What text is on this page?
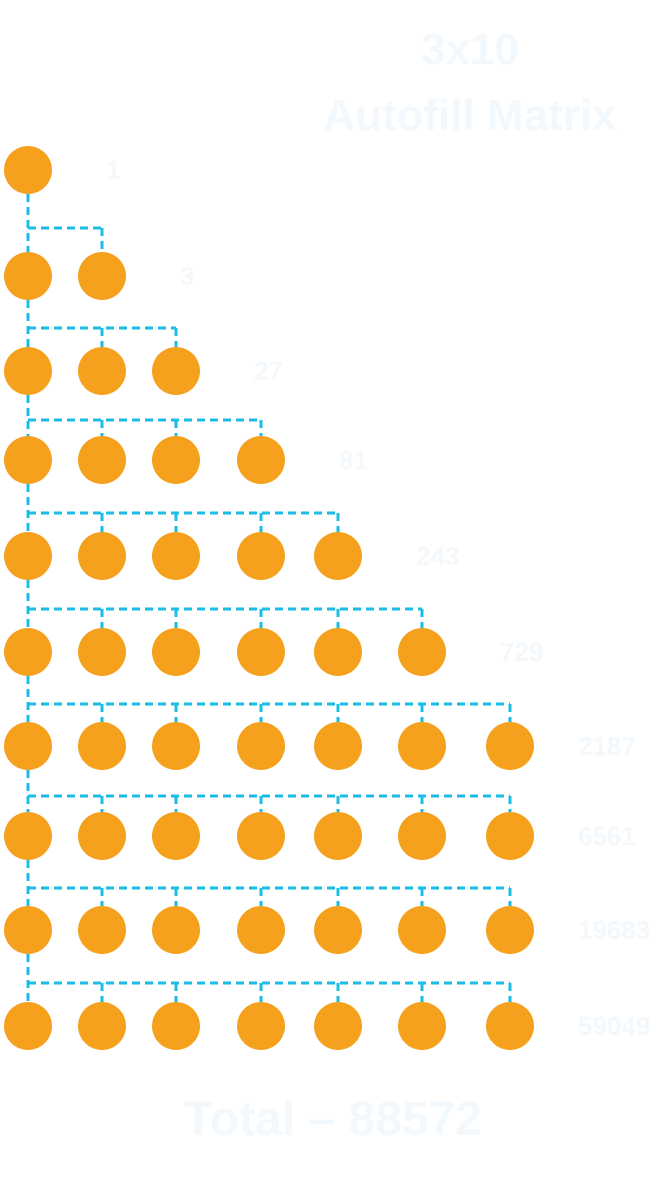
3x10
Autofill Matrix
1
3
27
81
243
729
2187
6561
19683
59049
Total – 88572
